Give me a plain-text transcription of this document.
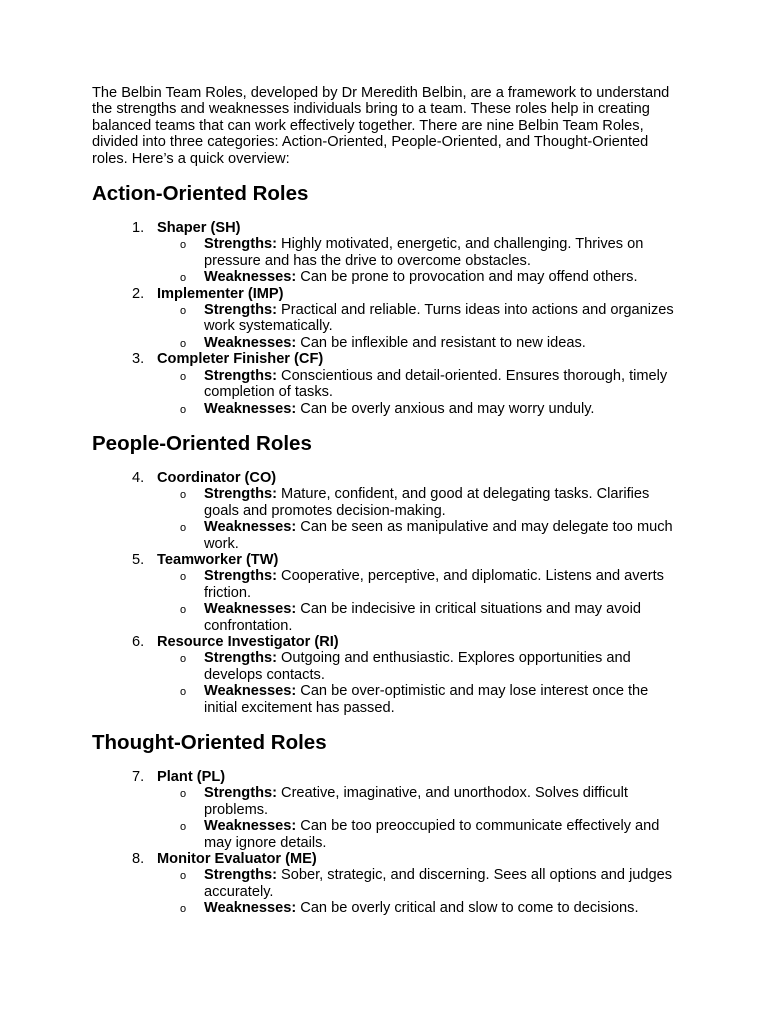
The Belbin Team Roles, developed by Dr Meredith Belbin, are a framework to understand the strengths and weaknesses individuals bring to a team. These roles help in creating balanced teams that can work effectively together. There are nine Belbin Team Roles, divided into three categories: Action-Oriented, People-Oriented, and Thought-Oriented roles. Here’s a quick overview:

Action-Oriented Roles
1. Shaper (SH)
o Strengths: Highly motivated, energetic, and challenging. Thrives on pressure and has the drive to overcome obstacles.
o Weaknesses: Can be prone to provocation and may offend others.
2. Implementer (IMP)
o Strengths: Practical and reliable. Turns ideas into actions and organizes work systematically.
o Weaknesses: Can be inflexible and resistant to new ideas.
3. Completer Finisher (CF)
o Strengths: Conscientious and detail-oriented. Ensures thorough, timely completion of tasks.
o Weaknesses: Can be overly anxious and may worry unduly.
People-Oriented Roles
4. Coordinator (CO)
o Strengths: Mature, confident, and good at delegating tasks. Clarifies goals and promotes decision-making.
o Weaknesses: Can be seen as manipulative and may delegate too much work.
5. Teamworker (TW)
o Strengths: Cooperative, perceptive, and diplomatic. Listens and averts friction.
o Weaknesses: Can be indecisive in critical situations and may avoid confrontation.
6. Resource Investigator (RI)
o Strengths: Outgoing and enthusiastic. Explores opportunities and develops contacts.
o Weaknesses: Can be over-optimistic and may lose interest once the initial excitement has passed.
Thought-Oriented Roles
7. Plant (PL)
o Strengths: Creative, imaginative, and unorthodox. Solves difficult problems.
o Weaknesses: Can be too preoccupied to communicate effectively and may ignore details.
8. Monitor Evaluator (ME)
o Strengths: Sober, strategic, and discerning. Sees all options and judges accurately.
o Weaknesses: Can be overly critical and slow to come to decisions.
